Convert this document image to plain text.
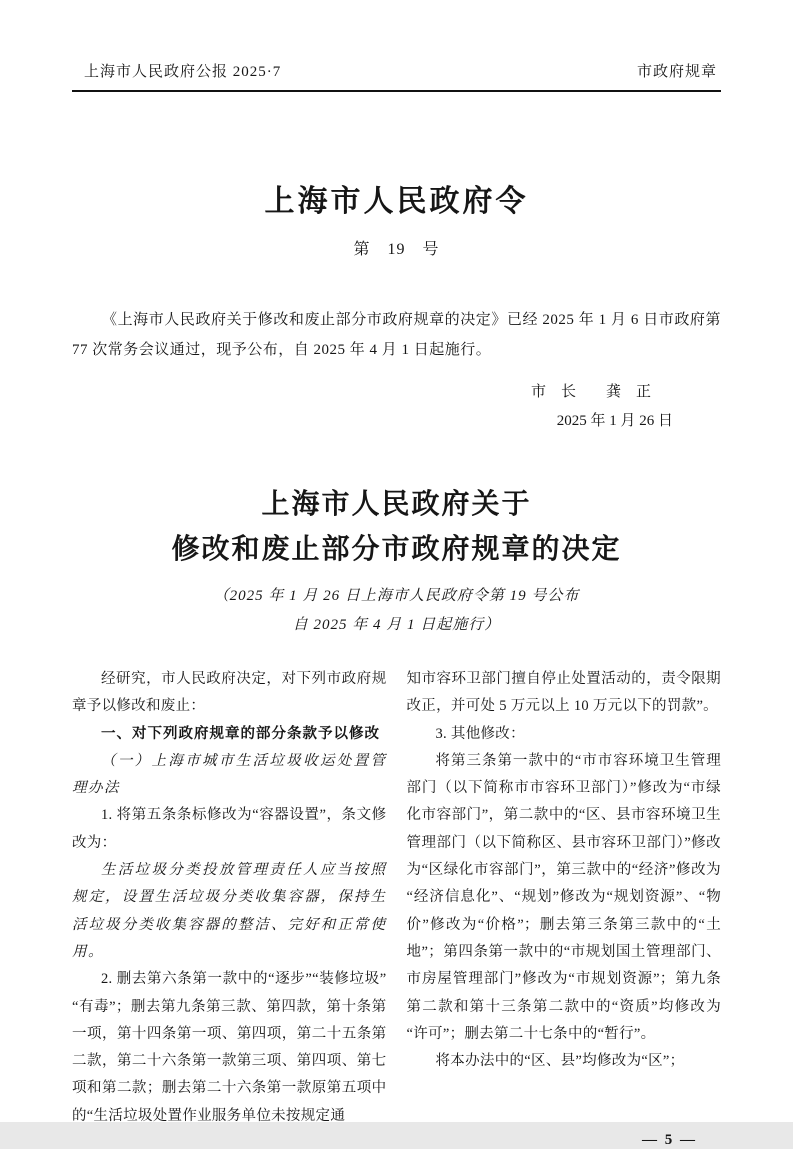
上海市人民政府公报 2025·7	市政府规章
上海市人民政府令
第　19　号

《上海市人民政府关于修改和废止部分市政府规章的决定》已经 2025 年 1 月 6 日市政府第 77 次常务会议通过，现予公布，自 2025 年 4 月 1 日起施行。

市　长 龚　正
2025 年 1 月 26 日
上海市人民政府关于
修改和废止部分市政府规章的决定
（2025 年 1 月 26 日上海市人民政府令第 19 号公布
自 2025 年 4 月 1 日起施行）

经研究，市人民政府决定，对下列市政府规章予以修改和废止：

一、对下列政府规章的部分条款予以修改

（一）上海市城市生活垃圾收运处置管理办法

1. 将第五条条标修改为“容器设置”，条文修改为：

生活垃圾分类投放管理责任人应当按照规定，设置生活垃圾分类收集容器，保持生活垃圾分类收集容器的整洁、完好和正常使用。

2. 删去第六条第一款中的“逐步”“装修垃圾”“有毒”；删去第九条第三款、第四款，第十条第一项，第十四条第一项、第四项，第二十五条第二款，第二十六条第一款第三项、第四项、第七项和第二款；删去第二十六条第一款原第五项中的“生活垃圾处置作业服务单位未按规定通

知市容环卫部门擅自停止处置活动的，责令限期改正，并可处 5 万元以上 10 万元以下的罚款”。

3. 其他修改：

将第三条第一款中的“市市容环境卫生管理部门（以下简称市市容环卫部门）”修改为“市绿化市容部门”，第二款中的“区、县市容环境卫生管理部门（以下简称区、县市容环卫部门）”修改为“区绿化市容部门”，第三款中的“经济”修改为“经济信息化”、“规划”修改为“规划资源”、“物价”修改为“价格”；删去第三条第三款中的“土地”；第四条第一款中的“市规划国土管理部门、市房屋管理部门”修改为“市规划资源”；第九条第二款和第十三条第二款中的“资质”均修改为“许可”；删去第二十七条中的“暂行”。

将本办法中的“区、县”均修改为“区”；

— 5 —
